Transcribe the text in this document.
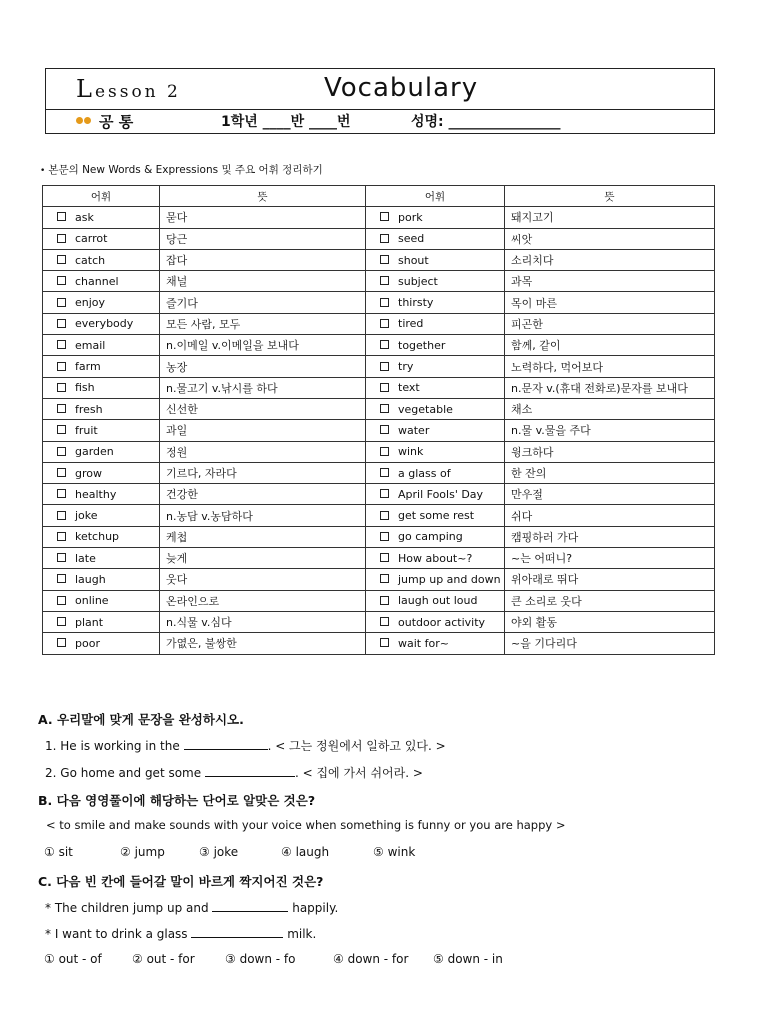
Lesson 2	Vocabulary
공 통	1학년 ____반 ____번	성명: ________________
• 본문의 New Words & Expressions 및 주요 어휘 정리하기
어휘	뜻	어휘	뜻
ask	묻다	pork	돼지고기
carrot	당근	seed	씨앗
catch	잡다	shout	소리치다
channel	채널	subject	과목
enjoy	즐기다	thirsty	목이 마른
everybody	모든 사람, 모두	tired	피곤한
email	n.이메일 v.이메일을 보내다	together	함께, 같이
farm	농장	try	노력하다, 먹어보다
fish	n.물고기 v.낚시를 하다	text	n.문자 v.(휴대 전화로)문자를 보내다
fresh	신선한	vegetable	채소
fruit	과일	water	n.물 v.물을 주다
garden	정원	wink	윙크하다
grow	기르다, 자라다	a glass of	한 잔의
healthy	건강한	April Fools' Day	만우절
joke	n.농담 v.농담하다	get some rest	쉬다
ketchup	케첩	go camping	캠핑하러 가다
late	늦게	How about~?	~는 어떠니?
laugh	웃다	jump up and down	위아래로 뛰다
online	온라인으로	laugh out loud	큰 소리로 웃다
plant	n.식물 v.심다	outdoor activity	야외 활동
poor	가엾은, 불쌍한	wait for~	~을 기다리다
A. 우리말에 맞게 문장을 완성하시오.
1. He is working in the	. < 그는 정원에서 일하고 있다. >
2. Go home and get some	. < 집에 가서 쉬어라. >
B. 다음 영영풀이에 해당하는 단어로 알맞은 것은?
< to smile and make sounds with your voice when something is funny or you are happy >
① sit	② jump	③ joke	④ laugh	⑤ wink
C. 다음 빈 칸에 들어갈 말이 바르게 짝지어진 것은?
* The children jump up and	happily.
* I want to drink a glass	milk.
① out - of	② out - for	③ down - fo	④ down - for ⑤ down - in
